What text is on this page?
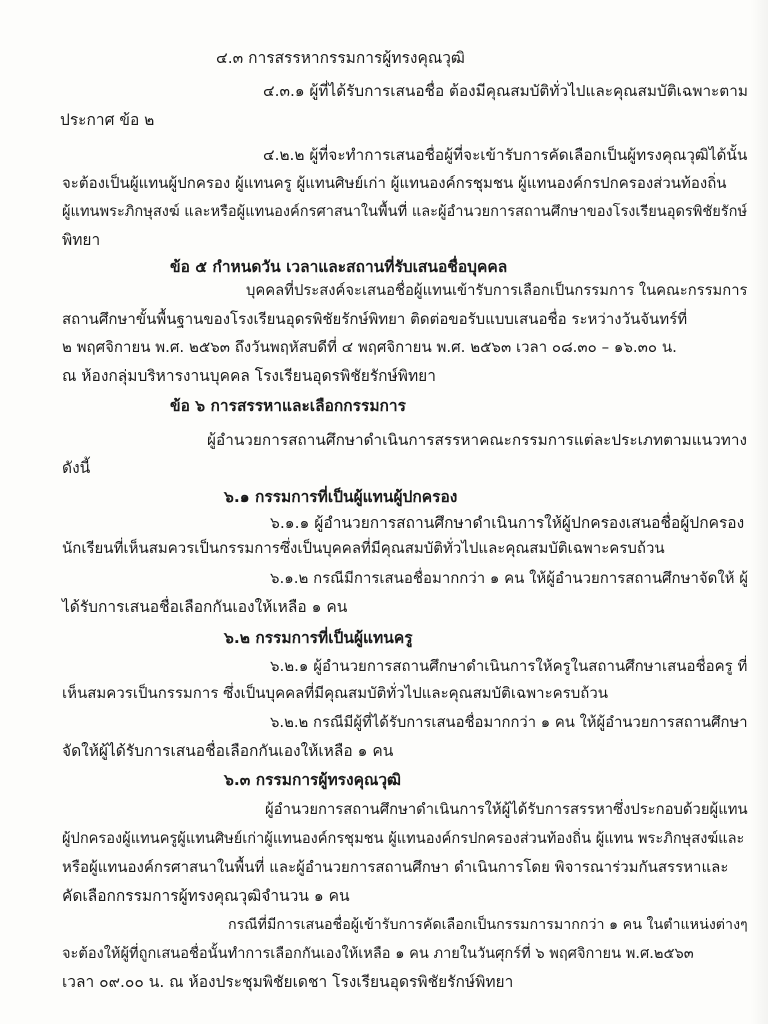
๔.๓ การสรรหากรรมการผู้ทรงคุณวุฒิ
๔.๓.๑ ผู้ที่ได้รับการเสนอชื่อ ต้องมีคุณสมบัติทั่วไปและคุณสมบัติเฉพาะตาม
ประกาศ ข้อ ๒
๔.๒.๒ ผู้ที่จะทำการเสนอชื่อผู้ที่จะเข้ารับการคัดเลือกเป็นผู้ทรงคุณวุฒิได้นั้น
จะต้องเป็นผู้แทนผู้ปกครอง ผู้แทนครู ผู้แทนศิษย์เก่า ผู้แทนองค์กรชุมชน ผู้แทนองค์กรปกครองส่วนท้องถิ่น
ผู้แทนพระภิกษุสงฆ์ และหรือผู้แทนองค์กรศาสนาในพื้นที่ และผู้อำนวยการสถานศึกษาของโรงเรียนอุดรพิชัยรักษ์
พิทยา
ข้อ ๕ กำหนดวัน เวลาและสถานที่รับเสนอชื่อบุคคล
บุคคลที่ประสงค์จะเสนอชื่อผู้แทนเข้ารับการเลือกเป็นกรรมการ ในคณะกรรมการ
สถานศึกษาขั้นพื้นฐานของโรงเรียนอุดรพิชัยรักษ์พิทยา ติดต่อขอรับแบบเสนอชื่อ ระหว่างวันจันทร์ที่
๒ พฤศจิกายน พ.ศ. ๒๕๖๓ ถึงวันพฤหัสบดีที่ ๔ พฤศจิกายน พ.ศ. ๒๕๖๓ เวลา ๐๘.๓๐ – ๑๖.๓๐ น.
ณ ห้องกลุ่มบริหารงานบุคคล โรงเรียนอุดรพิชัยรักษ์พิทยา
ข้อ ๖ การสรรหาและเลือกกรรมการ
ผู้อำนวยการสถานศึกษาดำเนินการสรรหาคณะกรรมการแต่ละประเภทตามแนวทาง
ดังนี้
๖.๑ กรรมการที่เป็นผู้แทนผู้ปกครอง
๖.๑.๑ ผู้อำนวยการสถานศึกษาดำเนินการให้ผู้ปกครองเสนอชื่อผู้ปกครอง
นักเรียนที่เห็นสมควรเป็นกรรมการซึ่งเป็นบุคคลที่มีคุณสมบัติทั่วไปและคุณสมบัติเฉพาะครบถ้วน
๖.๑.๒ กรณีมีการเสนอชื่อมากกว่า ๑ คน ให้ผู้อำนวยการสถานศึกษาจัดให้ ผู้
ได้รับการเสนอชื่อเลือกกันเองให้เหลือ ๑ คน
๖.๒ กรรมการที่เป็นผู้แทนครู
๖.๒.๑ ผู้อำนวยการสถานศึกษาดำเนินการให้ครูในสถานศึกษาเสนอชื่อครู ที่
เห็นสมควรเป็นกรรมการ ซึ่งเป็นบุคคลที่มีคุณสมบัติทั่วไปและคุณสมบัติเฉพาะครบถ้วน
๖.๒.๒ กรณีมีผู้ที่ได้รับการเสนอชื่อมากกว่า ๑ คน ให้ผู้อำนวยการสถานศึกษา
จัดให้ผู้ได้รับการเสนอชื่อเลือกกันเองให้เหลือ ๑ คน
๖.๓ กรรมการผู้ทรงคุณวุฒิ
ผู้อำนวยการสถานศึกษาดำเนินการให้ผู้ได้รับการสรรหาซึ่งประกอบด้วยผู้แทน
ผู้ปกครองผู้แทนครูผู้แทนศิษย์เก่าผู้แทนองค์กรชุมชน ผู้แทนองค์กรปกครองส่วนท้องถิ่น ผู้แทน พระภิกษุสงฆ์และ
หรือผู้แทนองค์กรศาสนาในพื้นที่ และผู้อำนวยการสถานศึกษา ดำเนินการโดย พิจารณาร่วมกันสรรหาและ
คัดเลือกกรรมการผู้ทรงคุณวุฒิจำนวน ๑ คน
กรณีที่มีการเสนอชื่อผู้เข้ารับการคัดเลือกเป็นกรรมการมากกว่า ๑ คน ในตำแหน่งต่างๆ
จะต้องให้ผู้ที่ถูกเสนอชื่อนั้นทำการเลือกกันเองให้เหลือ ๑ คน ภายในวันศุกร์ที่ ๖ พฤศจิกายน พ.ศ.๒๕๖๓
เวลา ๐๙.๐๐ น. ณ ห้องประชุมพิชัยเดชา โรงเรียนอุดรพิชัยรักษ์พิทยา
